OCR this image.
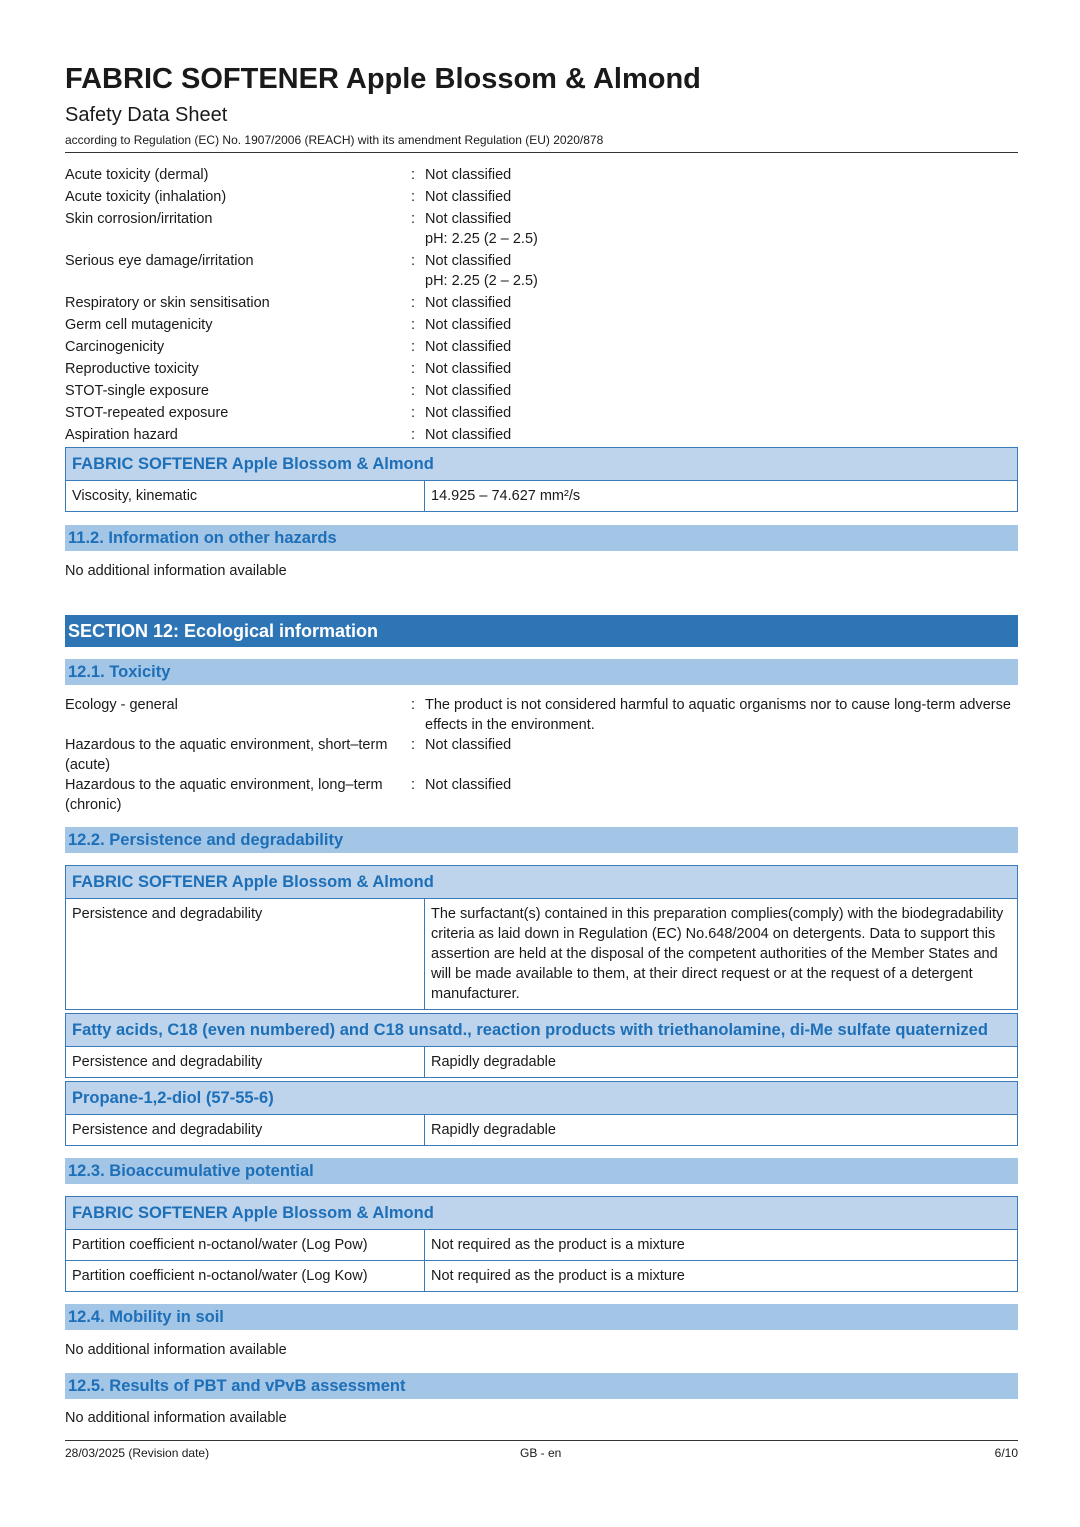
FABRIC SOFTENER Apple Blossom & Almond
Safety Data Sheet
according to Regulation (EC) No. 1907/2006 (REACH) with its amendment Regulation (EU) 2020/878
Acute toxicity (dermal)	: Not classified
Acute toxicity (inhalation)	: Not classified
Skin corrosion/irritation	: Not classified
pH: 2.25 (2 – 2.5)
Serious eye damage/irritation	: Not classified
pH: 2.25 (2 – 2.5)
Respiratory or skin sensitisation	: Not classified
Germ cell mutagenicity	: Not classified
Carcinogenicity	: Not classified
Reproductive toxicity	: Not classified
STOT-single exposure	: Not classified
STOT-repeated exposure	: Not classified
Aspiration hazard	: Not classified
FABRIC SOFTENER Apple Blossom & Almond
Viscosity, kinematic	14.925 – 74.627 mm²/s
11.2. Information on other hazards
No additional information available
SECTION 12: Ecological information
12.1. Toxicity
Ecology - general	: The product is not considered harmful to aquatic organisms nor to cause long-term adverse effects in the environment.
Hazardous to the aquatic environment, short–term (acute)
: Not classified
Hazardous to the aquatic environment, long–term (chronic)
: Not classified
12.2. Persistence and degradability
FABRIC SOFTENER Apple Blossom & Almond
Persistence and degradability	The surfactant(s) contained in this preparation complies(comply) with the biodegradability criteria as laid down in Regulation (EC) No.648/2004 on detergents. Data to support this assertion are held at the disposal of the competent authorities of the Member States and will be made available to them, at their direct request or at the request of a detergent manufacturer.
Fatty acids, C18 (even numbered) and C18 unsatd., reaction products with triethanolamine, di-Me sulfate quaternized
Persistence and degradability	Rapidly degradable
Propane-1,2-diol (57-55-6)
Persistence and degradability	Rapidly degradable
12.3. Bioaccumulative potential
FABRIC SOFTENER Apple Blossom & Almond
Partition coefficient n-octanol/water (Log Pow)	Not required as the product is a mixture
Partition coefficient n-octanol/water (Log Kow)	Not required as the product is a mixture
12.4. Mobility in soil
No additional information available
12.5. Results of PBT and vPvB assessment
No additional information available
28/03/2025 (Revision date)	GB - en	6/10
